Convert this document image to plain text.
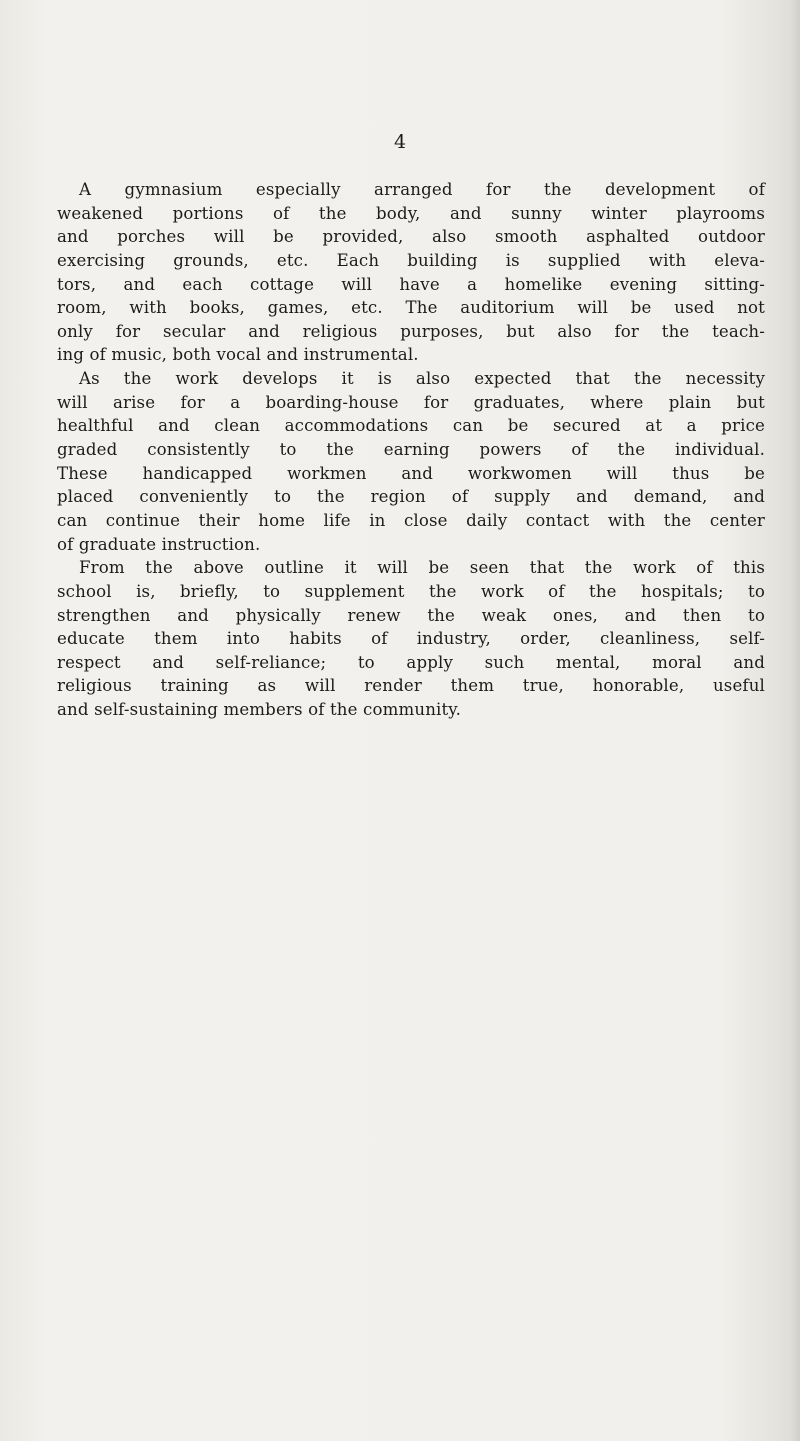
4
A gymnasium especially arranged for the development of
weakened portions of the body, and sunny winter playrooms
and porches will be provided, also smooth asphalted outdoor
exercising grounds, etc. Each building is supplied with eleva-
tors, and each cottage will have a homelike evening sitting-
room, with books, games, etc. The auditorium will be used not
only for secular and religious purposes, but also for the teach-
ing of music, both vocal and instrumental.
As the work develops it is also expected that the necessity
will arise for a boarding-house for graduates, where plain but
healthful and clean accommodations can be secured at a price
graded consistently to the earning powers of the individual.
These handicapped workmen and workwomen will thus be
placed conveniently to the region of supply and demand, and
can continue their home life in close daily contact with the center
of graduate instruction.
From the above outline it will be seen that the work of this
school is, briefly, to supplement the work of the hospitals; to
strengthen and physically renew the weak ones, and then to
educate them into habits of industry, order, cleanliness, self-
respect and self-reliance; to apply such mental, moral and
religious training as will render them true, honorable, useful
and self-sustaining members of the community.
